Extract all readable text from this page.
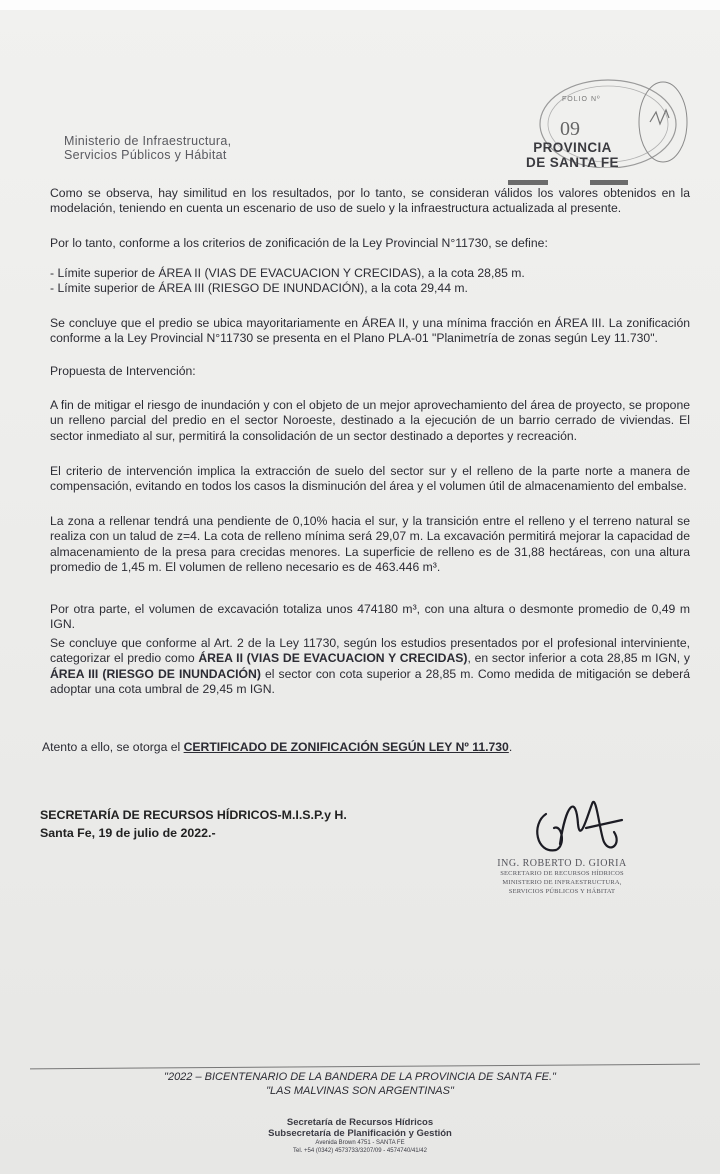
Ministerio de Infraestructura,
Servicios Públicos y Hábitat
FOLIO Nº
09
PROVINCIA
DE SANTA FE

Como se observa, hay similitud en los resultados, por lo tanto, se consideran válidos los valores obtenidos en la modelación, teniendo en cuenta un escenario de uso de suelo y la infraestructura actualizada al presente.

Por lo tanto, conforme a los criterios de zonificación de la Ley Provincial N°11730, se define:

- Límite superior de ÁREA II (VIAS DE EVACUACION Y CRECIDAS), a la cota 28,85 m.
- Límite superior de ÁREA III (RIESGO DE INUNDACIÓN), a la cota 29,44 m.

Se concluye que el predio se ubica mayoritariamente en ÁREA II, y una mínima fracción en ÁREA III. La zonificación conforme a la Ley Provincial N°11730 se presenta en el Plano PLA-01 "Planimetría de zonas según Ley 11.730".

Propuesta de Intervención:

A fin de mitigar el riesgo de inundación y con el objeto de un mejor aprovechamiento del área de proyecto, se propone un relleno parcial del predio en el sector Noroeste, destinado a la ejecución de un barrio cerrado de viviendas. El sector inmediato al sur, permitirá la consolidación de un sector destinado a deportes y recreación.

El criterio de intervención implica la extracción de suelo del sector sur y el relleno de la parte norte a manera de compensación, evitando en todos los casos la disminución del área y el volumen útil de almacenamiento del embalse.

La zona a rellenar tendrá una pendiente de 0,10% hacia el sur, y la transición entre el relleno y el terreno natural se realiza con un talud de z=4. La cota de relleno mínima será 29,07 m. La excavación permitirá mejorar la capacidad de almacenamiento de la presa para crecidas menores. La superficie de relleno es de 31,88 hectáreas, con una altura promedio de 1,45 m. El volumen de relleno necesario es de 463.446 m³.

Por otra parte, el volumen de excavación totaliza unos 474180 m³, con una altura o desmonte promedio de 0,49 m IGN.

Se concluye que conforme al Art. 2 de la Ley 11730, según los estudios presentados por el profesional interviniente, categorizar el predio como ÁREA II (VIAS DE EVACUACION Y CRECIDAS), en sector inferior a cota 28,85 m IGN, y ÁREA III (RIESGO DE INUNDACIÓN) el sector con cota superior a 28,85 m. Como medida de mitigación se deberá adoptar una cota umbral de 29,45 m IGN.

Atento a ello, se otorga el CERTIFICADO DE ZONIFICACIÓN SEGÚN LEY Nº 11.730.

SECRETARÍA DE RECURSOS HÍDRICOS-M.I.S.P.y H.
Santa Fe, 19 de julio de 2022.-
ING. ROBERTO D. GIORIA
SECRETARIO DE RECURSOS HÍDRICOS
MINISTERIO DE INFRAESTRUCTURA,
SERVICIOS PÚBLICOS Y HÁBITAT
"2022 – BICENTENARIO DE LA BANDERA DE LA PROVINCIA DE SANTA FE."
"LAS MALVINAS SON ARGENTINAS"
Secretaría de Recursos Hídricos
Subsecretaría de Planificación y Gestión
Avenida Brown 4751 - SANTA FE
Tel. +54 (0342) 4573733/3207/09 - 4574740/41/42
